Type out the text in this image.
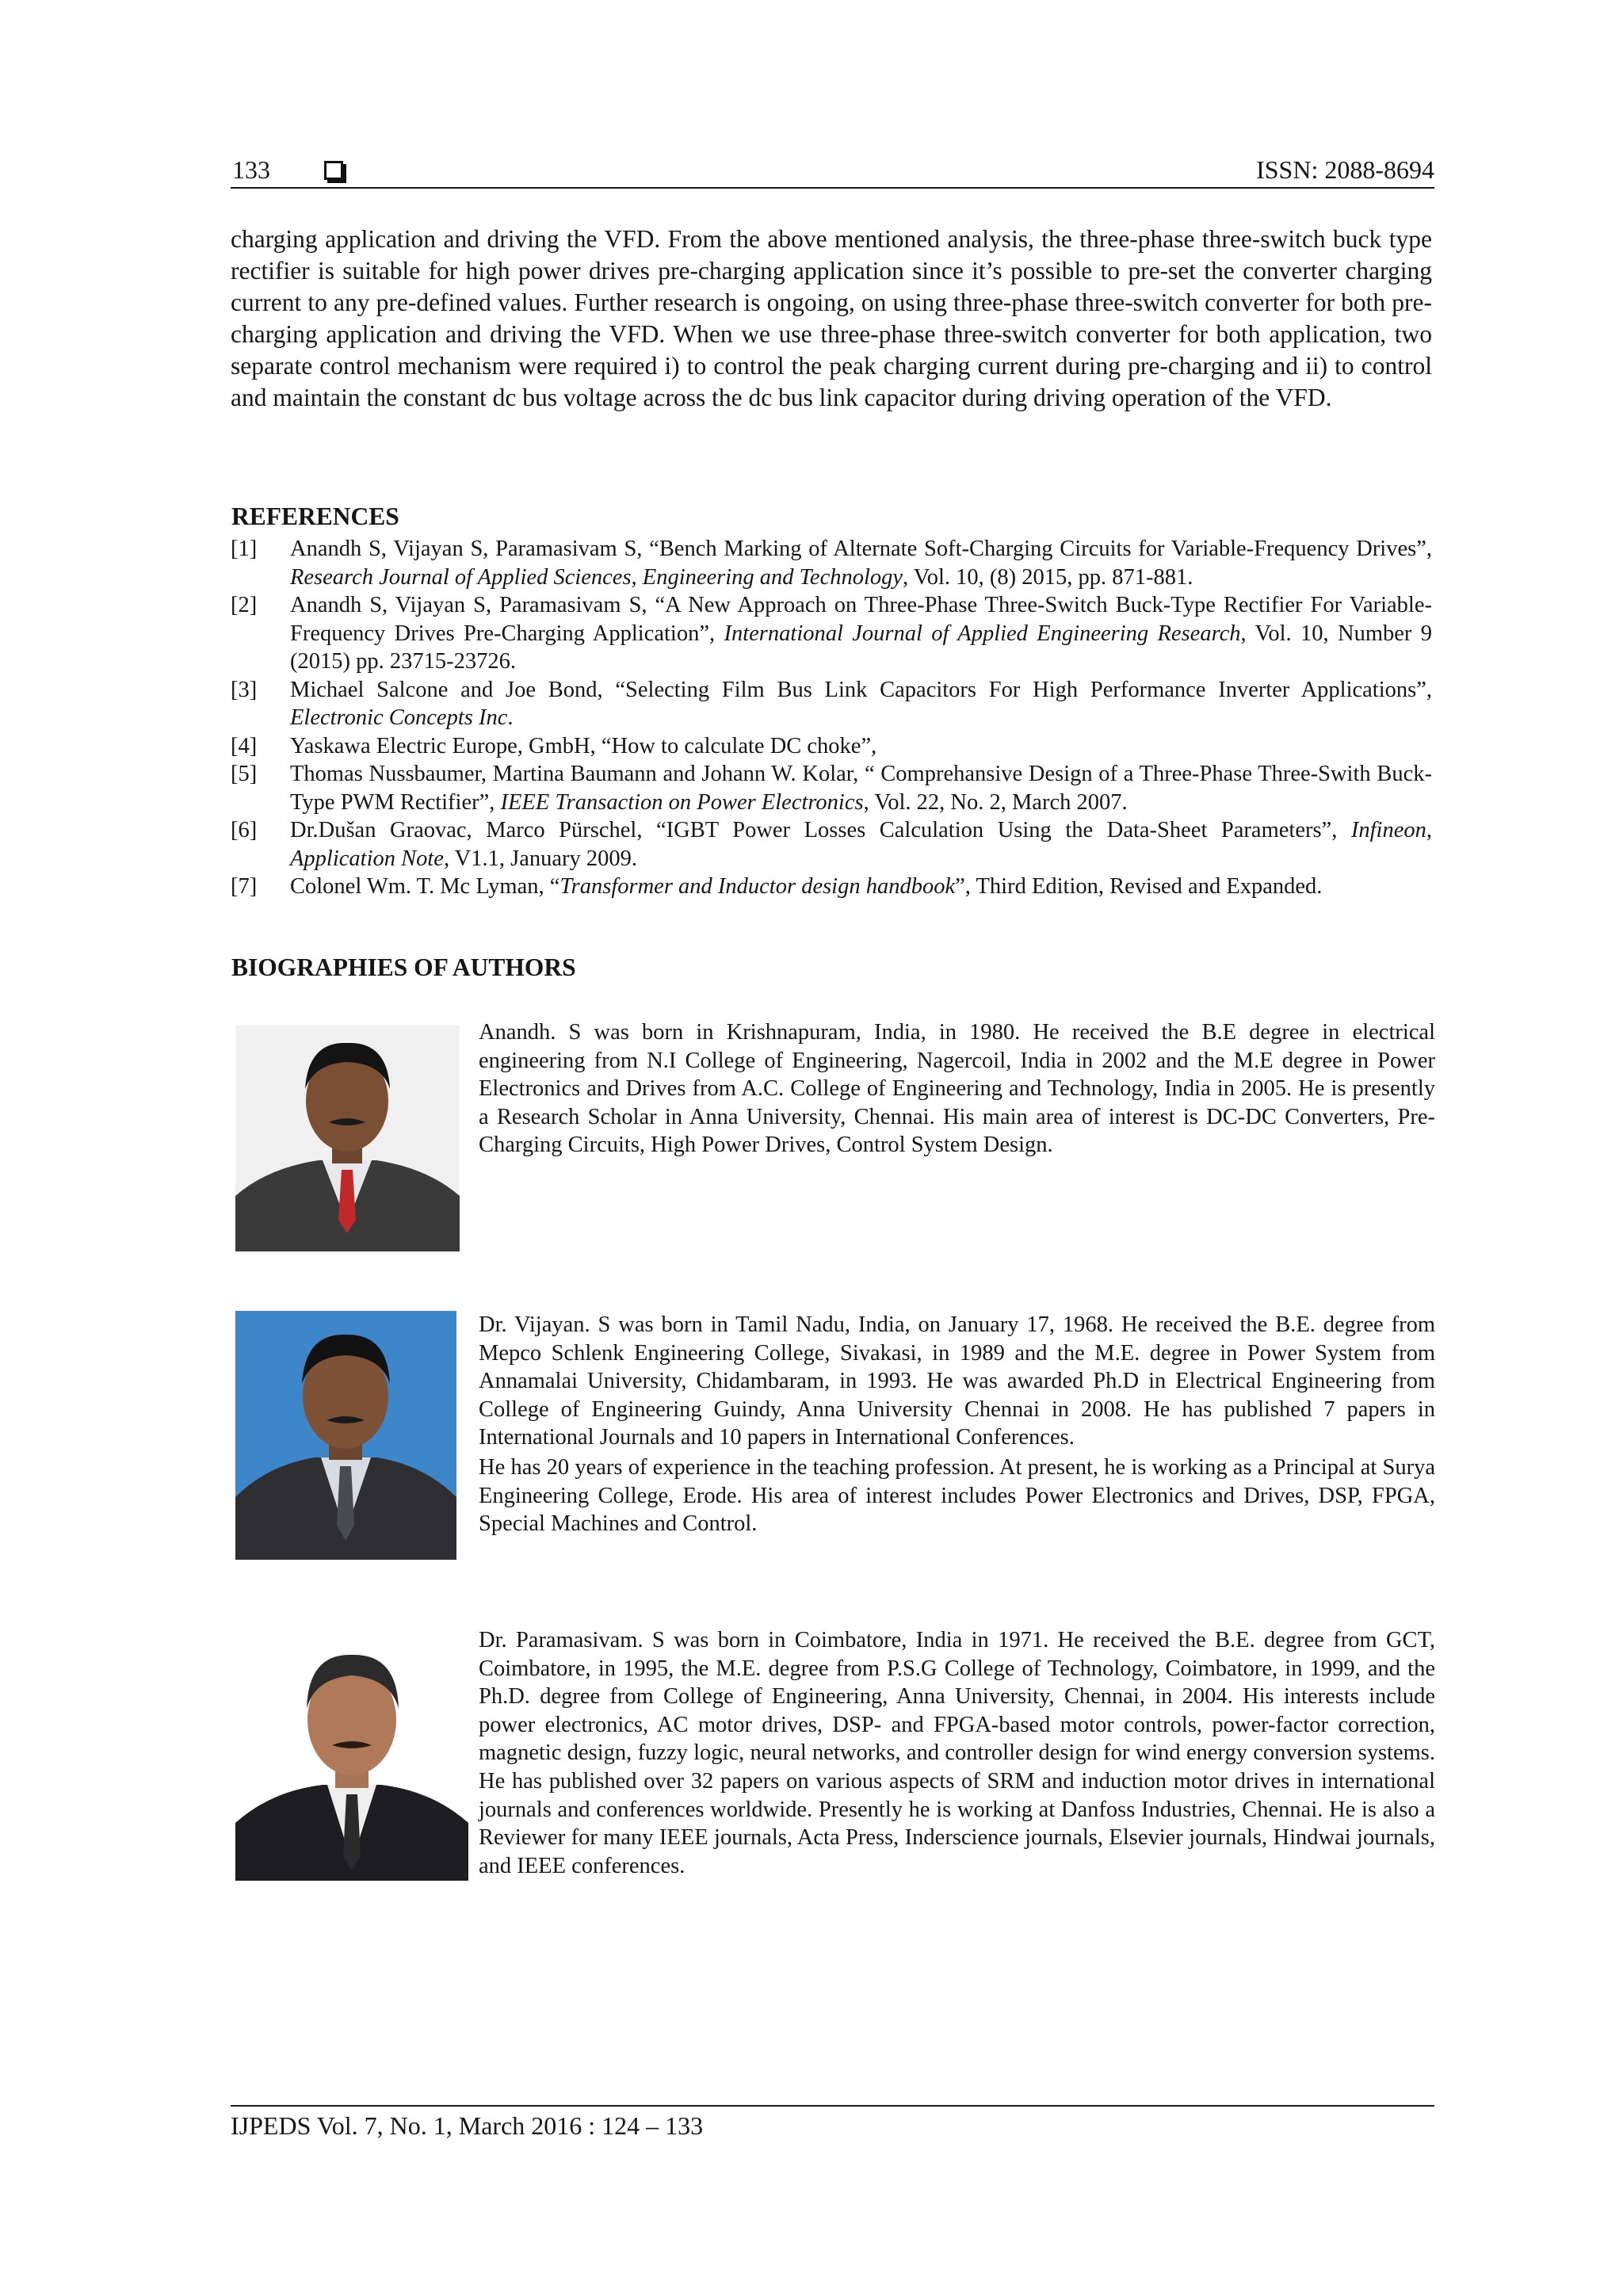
133	ISSN: 2088-8694

charging application and driving the VFD. From the above mentioned analysis, the three-phase three-switch buck type rectifier is suitable for high power drives pre-charging application since it’s possible to pre-set the converter charging current to any pre-defined values. Further research is ongoing, on using three-phase three-switch converter for both pre-charging application and driving the VFD. When we use three-phase three-switch converter for both application, two separate control mechanism were required i) to control the peak charging current during pre-charging and ii) to control and maintain the constant dc bus voltage across the dc bus link capacitor during driving operation of the VFD.

REFERENCES
[1] Anandh S, Vijayan S, Paramasivam S, “Bench Marking of Alternate Soft-Charging Circuits for Variable-Frequency Drives”, Research Journal of Applied Sciences, Engineering and Technology, Vol. 10, (8) 2015, pp. 871-881.
[2] Anandh S, Vijayan S, Paramasivam S, “A New Approach on Three-Phase Three-Switch Buck-Type Rectifier For Variable-Frequency Drives Pre-Charging Application”, International Journal of Applied Engineering Research, Vol. 10, Number 9 (2015) pp. 23715-23726.
[3] Michael Salcone and Joe Bond, “Selecting Film Bus Link Capacitors For High Performance Inverter Applications”, Electronic Concepts Inc.
[4] Yaskawa Electric Europe, GmbH, “How to calculate DC choke”,
[5] Thomas Nussbaumer, Martina Baumann and Johann W. Kolar, “ Comprehansive Design of a Three-Phase Three-Swith Buck-Type PWM Rectifier”, IEEE Transaction on Power Electronics, Vol. 22, No. 2, March 2007.
[6] Dr.Dušan Graovac, Marco Pürschel, “IGBT Power Losses Calculation Using the Data-Sheet Parameters”, Infineon, Application Note, V1.1, January 2009.
[7] Colonel Wm. T. Mc Lyman, “Transformer and Inductor design handbook”, Third Edition, Revised and Expanded.
BIOGRAPHIES OF AUTHORS

Anandh. S was born in Krishnapuram, India, in 1980. He received the B.E degree in electrical engineering from N.I College of Engineering, Nagercoil, India in 2002 and the M.E degree in Power Electronics and Drives from A.C. College of Engineering and Technology, India in 2005. He is presently a Research Scholar in Anna University, Chennai. His main area of interest is DC-DC Converters, Pre-Charging Circuits, High Power Drives, Control System Design.

Dr. Vijayan. S was born in Tamil Nadu, India, on January 17, 1968. He received the B.E. degree from Mepco Schlenk Engineering College, Sivakasi, in 1989 and the M.E. degree in Power System from Annamalai University, Chidambaram, in 1993. He was awarded Ph.D in Electrical Engineering from College of Engineering Guindy, Anna University Chennai in 2008. He has published 7 papers in International Journals and 10 papers in International Conferences.

He has 20 years of experience in the teaching profession. At present, he is working as a Principal at Surya Engineering College, Erode. His area of interest includes Power Electronics and Drives, DSP, FPGA, Special Machines and Control.

Dr. Paramasivam. S was born in Coimbatore, India in 1971. He received the B.E. degree from GCT, Coimbatore, in 1995, the M.E. degree from P.S.G College of Technology, Coimbatore, in 1999, and the Ph.D. degree from College of Engineering, Anna University, Chennai, in 2004. His interests include power electronics, AC motor drives, DSP- and FPGA-based motor controls, power-factor correction, magnetic design, fuzzy logic, neural networks, and controller design for wind energy conversion systems. He has published over 32 papers on various aspects of SRM and induction motor drives in international journals and conferences worldwide. Presently he is working at Danfoss Industries, Chennai. He is also a Reviewer for many IEEE journals, Acta Press, Inderscience journals, Elsevier journals, Hindwai journals, and IEEE conferences.

IJPEDS Vol. 7, No. 1, March 2016 : 124 – 133
